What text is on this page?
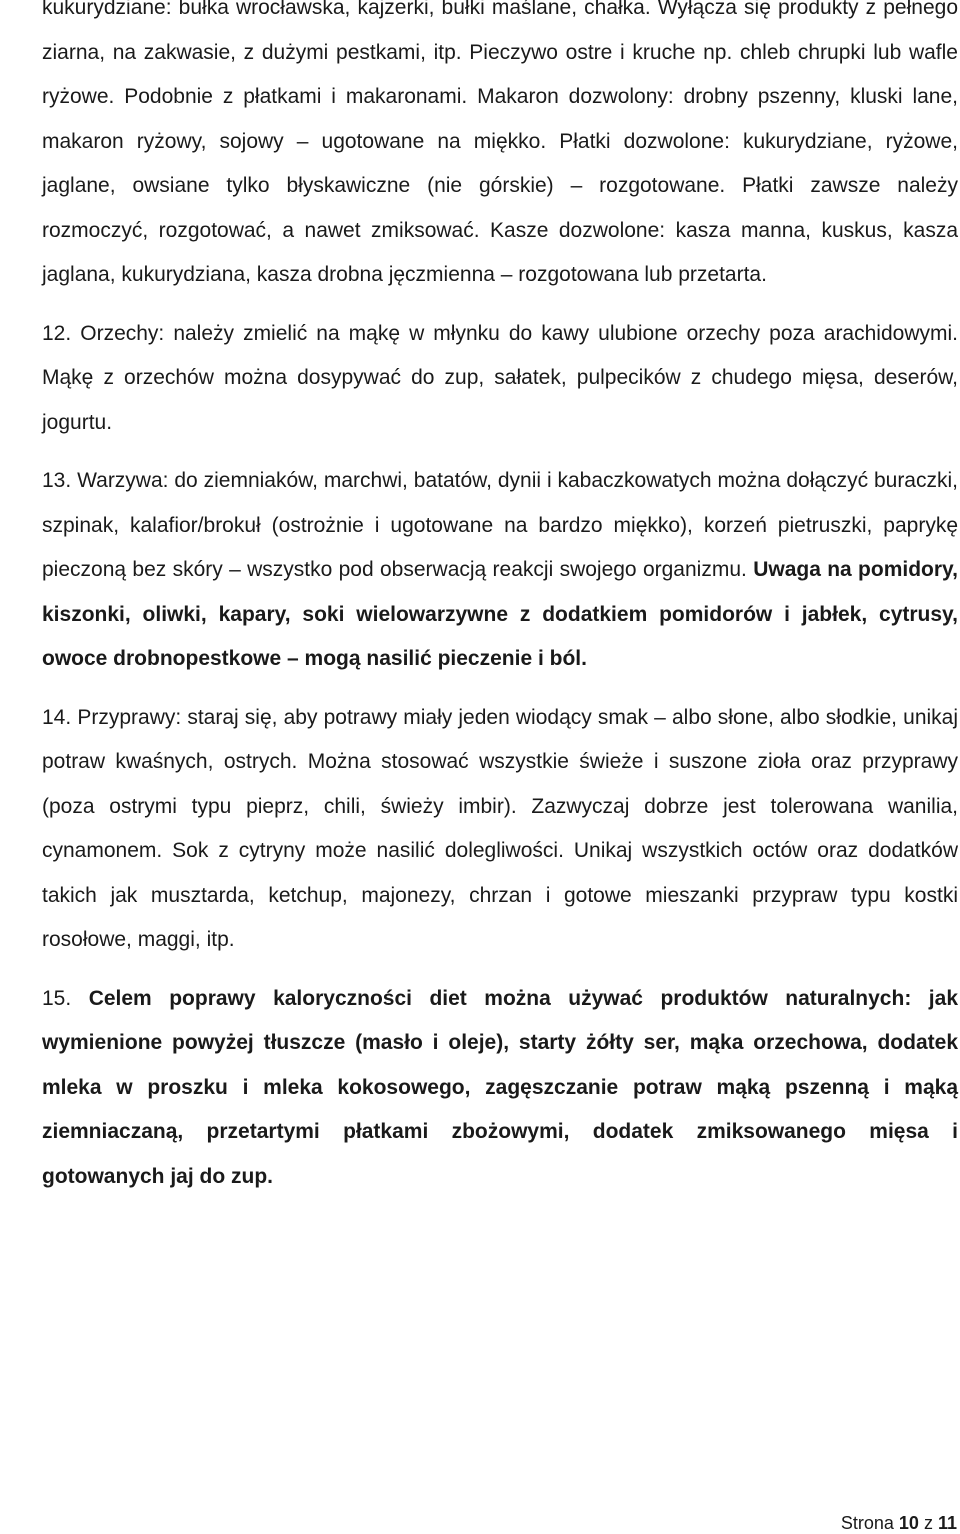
kukurydziane: bułka wrocławska, kajzerki, bułki maślane, chałka. Wyłącza się produkty z pełnego ziarna, na zakwasie, z dużymi pestkami, itp. Pieczywo ostre i kruche np. chleb chrupki lub wafle ryżowe. Podobnie z płatkami i makaronami. Makaron dozwolony: drobny pszenny, kluski lane, makaron ryżowy, sojowy – ugotowane na miękko. Płatki dozwolone: kukurydziane, ryżowe, jaglane, owsiane tylko błyskawiczne (nie górskie) – rozgotowane. Płatki zawsze należy rozmoczyć, rozgotować, a nawet zmiksować. Kasze dozwolone: kasza manna, kuskus, kasza jaglana, kukurydziana, kasza drobna jęczmienna – rozgotowana lub przetarta.

12. Orzechy: należy zmielić na mąkę w młynku do kawy ulubione orzechy poza arachidowymi. Mąkę z orzechów można dosypywać do zup, sałatek, pulpecików z chudego mięsa, deserów, jogurtu.

13. Warzywa: do ziemniaków, marchwi, batatów, dynii i kabaczkowatych można dołączyć buraczki, szpinak, kalafior/brokuł (ostrożnie i ugotowane na bardzo miękko), korzeń pietruszki, paprykę pieczoną bez skóry – wszystko pod obserwacją reakcji swojego organizmu. Uwaga na pomidory, kiszonki, oliwki, kapary, soki wielowarzywne z dodatkiem pomidorów i jabłek, cytrusy, owoce drobnopestkowe – mogą nasilić pieczenie i ból.

14. Przyprawy: staraj się, aby potrawy miały jeden wiodący smak – albo słone, albo słodkie, unikaj potraw kwaśnych, ostrych. Można stosować wszystkie świeże i suszone zioła oraz przyprawy (poza ostrymi typu pieprz, chili, świeży imbir). Zazwyczaj dobrze jest tolerowana wanilia, cynamonem. Sok z cytryny może nasilić dolegliwości. Unikaj wszystkich octów oraz dodatków takich jak musztarda, ketchup, majonezy, chrzan i gotowe mieszanki przypraw typu kostki rosołowe, maggi, itp.

15. Celem poprawy kaloryczności diet można używać produktów naturalnych: jak wymienione powyżej tłuszcze (masło i oleje), starty żółty ser, mąka orzechowa, dodatek mleka w proszku i mleka kokosowego, zagęszczanie potraw mąką pszenną i mąką ziemniaczaną, przetartymi płatkami zbożowymi, dodatek zmiksowanego mięsa i gotowanych jaj do zup.

Strona 10 z 11
